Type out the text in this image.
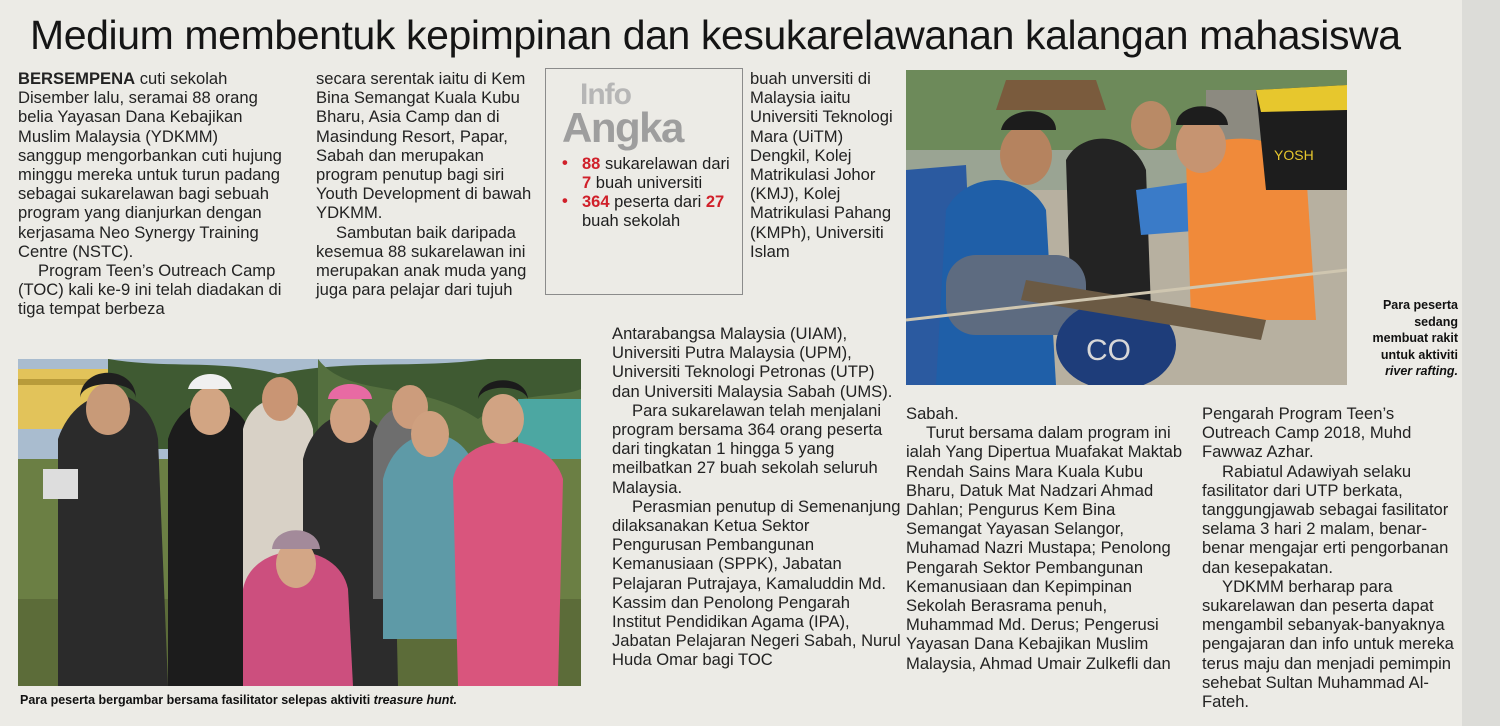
Medium membentuk kepimpinan dan kesukarelawanan kalangan mahasiswa

BERSEMPENA cuti sekolah Disember lalu, seramai 88 orang belia Yayasan Dana Kebajikan Muslim Malaysia (YDKMM) sanggup mengorbankan cuti hujung minggu mereka untuk turun padang sebagai sukarelawan bagi sebuah program yang dianjurkan dengan kerjasama Neo Synergy Training Centre (NSTC).

Program Teen’s Outreach Camp (TOC) kali ke-9 ini telah diadakan di tiga tempat berbeza

secara serentak iaitu di Kem Bina Semangat Kuala Kubu Bharu, Asia Camp dan di Masindung Resort, Papar, Sabah dan merupakan program penutup bagi siri Youth Development di bawah YDKMM.

Sambutan baik daripada kesemua 88 sukarelawan ini merupakan anak muda yang juga para pelajar dari tujuh

Info
Angka
• 88 sukarelawan dari 7 buah universiti
• 364 peserta dari 27 buah sekolah

buah unversiti di Malaysia iaitu Universiti Teknologi Mara (UiTM) Dengkil, Kolej Matrikulasi Johor (KMJ), Kolej Matrikulasi Pahang (KMPh), Universiti Islam

Antarabangsa Malaysia (UIAM), Universiti Putra Malaysia (UPM), Universiti Teknologi Petronas (UTP) dan Universiti Malaysia Sabah (UMS).

Para sukarelawan telah menjalani program bersama 364 orang peserta dari tingkatan 1 hingga 5 yang meilbatkan 27 buah sekolah seluruh Malaysia.

Perasmian penutup di Semenanjung dilaksanakan Ketua Sektor Pengurusan Pembangunan Kemanusiaan (SPPK), Jabatan Pelajaran Putrajaya, Kamaluddin Md. Kassim dan Penolong Pengarah Institut Pendidikan Agama (IPA), Jabatan Pelajaran Negeri Sabah, Nurul Huda Omar bagi TOC

Sabah.

Turut bersama dalam program ini ialah Yang Dipertua Muafakat Maktab Rendah Sains Mara Kuala Kubu Bharu, Datuk Mat Nadzari Ahmad Dahlan; Pengurus Kem Bina Semangat Yayasan Selangor, Muhamad Nazri Mustapa; Penolong Pengarah Sektor Pembangunan Kemanusiaan dan Kepimpinan Sekolah Berasrama penuh, Muhammad Md. Derus; Pengerusi Yayasan Dana Kebajikan Muslim Malaysia, Ahmad Umair Zulkefli dan

Pengarah Program Teen’s Outreach Camp 2018, Muhd Fawwaz Azhar.

Rabiatul Adawiyah selaku fasilitator dari UTP berkata, tanggungjawab sebagai fasilitator selama 3 hari 2 malam, benar-benar mengajar erti pengorbanan dan kesepakatan.

YDKMM berharap para sukarelawan dan peserta dapat mengambil sebanyak-banyaknya pengajaran dan info untuk mereka terus maju dan menjadi pemimpin sehebat Sultan Muhammad Al-Fateh.

Para peserta bergambar bersama fasilitator selepas aktiviti treasure hunt.
YOSH
CO
Para peserta
sedang
membuat rakit
untuk aktiviti
river rafting.
